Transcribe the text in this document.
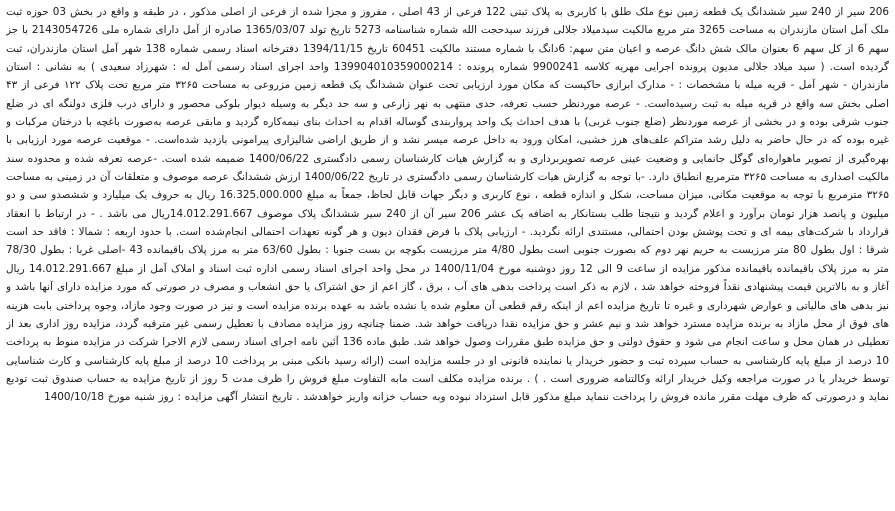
206 سیر از 240 سیر ششدانگ یک قطعه زمین نوع ملک طلق با کاربری به پلاک ثبتی 122 فرعی از 43 اصلی ، مفروز و مجزا شده از فرعی از اصلی مذکور ، در طبقه و واقع در بخش 03 حوزه ثبت ملک آمل استان مازندران به مساحت 3265 متر مربع مالکیت سیدمیلاد جلالی فرزند سیدحجت الله شماره شناسنامه 5273 تاریخ تولد 1365/03/07 صادره از آمل دارای شماره ملی 2143054726 با جز سهم 6 از کل سهم 6 بعنوان مالک شش دانگ عرصه و اعیان متن سهم: 6دانگ با شماره مستند مالکیت 60451 تاریخ 1394/11/15 دفترخانه اسناد رسمی شماره 138 شهر آمل استان مازندران، ثبت گردیده است. ( سید میلاد جلالی مدیون پرونده اجرایی مهریه کلاسه 9900241 شماره پرونده : 139904010359000214 واحد اجرای اسناد رسمی آمل له : شهرزاد سعیدی ) به نشانی : استان مازندران - شهر آمل - قریه میله با مشخصات : - مدارک ابرازی حاکیست که مکان مورد ارزیابی تحت عنوان ششدانگ یک قطعه زمین مزروعی به مساحت ۳۲۶۵ متر مربع تحت پلاک ۱۲۲ فرعی از ۴۳ اصلی بخش سه واقع در قریه میله به ثبت رسیده‌است. - عرصه موردنظر حسب تعرفه، حدی منتهی به نهر زارعی و سه حد دیگر به وسیله دیوار بلوکی محصور و دارای درب فلزی دولنگه ای در ضلع جنوب شرقی بوده و در بخشی از عرصه موردنظر (ضلع جنوب غربی) با هدف احداث یک واحد پرواربندی گوساله اقدام به احداث بنای نیمه‌کاره گردید و مابقی عرصه به‌صورت باغچه با درختان مرکبات و غیره بوده که در حال حاضر به دلیل رشد متراکم علف‌های هرز خشبی، امکان ورود به داخل عرصه میسر نشد و از طریق اراضی شالیزاری پیرامونی بازدید شده‌است. - موقعیت عرصه مورد ارزیابی با بهره‌گیری از تصویر ماهواره‌ای گوگل جانمایی و وضعیت عینی عرصه تصویربرداری و به گزارش هیات کارشناسان رسمی دادگستری 1400/06/22 ضمیمه شده است. -عرصه تعرفه شده و محدوده سند مالکیت اصداری به مساحت ۳۲۶۵ مترمربع انطباق دارد. -با توجه به گزارش هیات کارشناسان رسمی دادگستری در تاریخ 1400/06/22 ارزش ششدانگ عرصه موصوف و متعلقات آن در زمینی به مساحت ۳۲۶۵ مترمربع با توجه به موقعیت مکانی، میزان مساحت، شکل و اندازه قطعه ، نوع کاربری و دیگر جهات قابل لحاظ، جمعاً به مبلغ 16.325.000.000 ریال به حروف یک میلیارد و ششصدو سی و دو میلیون و پانصد هزار تومان برآورد و اعلام گردید و نتیجتا طلب بستانکار به اضافه یک عشر 206 سیر آن از 240 سیر ششدانگ پلاک موصوف 14.012.291.667ریال می باشد . - در ارتباط با انعقاد قرارداد با شرکت‌های بیمه ای و تحت پوشش بودن احتمالی، مستندی ارائه نگردید. - ارزیابی پلاک با فرض فقدان دیون و هر گونه تعهدات احتمالی انجام‌شده است. با حدود اربعه : شمالا : فاقد حد است شرقا : اول بطول 80 متر مرزیست به حریم نهر دوم که بصورت جنوبی است بطول 4/80 متر مرزیست بکوچه بن بست جنوبا : بطول 63/60 متر به مرز پلاک باقیمانده 43 -اصلی غربا : بطول 78/30 متر به مرز پلاک باقیمانده باقیمانده مذکور مزایده از ساعت 9 الی 12 روز دوشنبه مورخ 1400/11/04 در محل واحد اجرای اسناد رسمی اداره ثبت اسناد و املاک آمل از مبلغ 14.012.291.667 ریال آغاز و به بالاترین قیمت پیشنهادی نقداً فروخته خواهد شد ، لازم به ذکر است پرداخت بدهی های آب ، برق ، گاز اعم از حق اشتراک یا حق انشعاب و مصرف در صورتی که مورد مزایده دارای آنها باشد و نیز بدهی های مالیاتی و عوارض شهرداری و غیره تا تاریخ مزایده اعم از اینکه رقم قطعی آن معلوم شده یا نشده باشد به عهده برنده مزایده است و نیز در صورت وجود مازاد، وجوه پرداختی بابت هزینه های فوق از محل مازاد به برنده مزایده مسترد خواهد شد و نیم عشر و حق مزایده نقدا دریافت خواهد شد. ضمنا چنانچه روز مزایده مصادف با تعطیل رسمی غیر مترقبه گردد، مزایده روز اداری بعد از تعطیلی در همان محل و ساعت انجام می شود و حقوق دولتی و حق مزایده طبق مقررات وصول خواهد شد. طبق ماده 136 آئین نامه اجرای اسناد رسمی لازم الاجرا شرکت در مزایده منوط به پرداخت 10 درصد از مبلغ پایه کارشناسی به حساب سپرده ثبت و حضور خریدار یا نماینده قانونی او در جلسه مزایده است (ارائه رسید بانکی مبنی بر پرداخت 10 درصد از مبلغ پایه کارشناسی و کارت شناسایی توسط خریدار یا در صورت مراجعه وکیل خریدار ارائه وکالتنامه ضروری است . ) . برنده مزایده مکلف است مابه التفاوت مبلغ فروش را ظرف مدت 5 روز از تاریخ مزایده به حساب صندوق ثبت تودیع نماید و درصورتی که ظرف مهلت مقرر مانده فروش را پرداخت ننماید مبلغ مذکور قابل استرداد نبوده وبه حساب خزانه واریز خواهدشد . تاریخ انتشار آگهی مزایده : روز شنبه مورخ 1400/10/18
